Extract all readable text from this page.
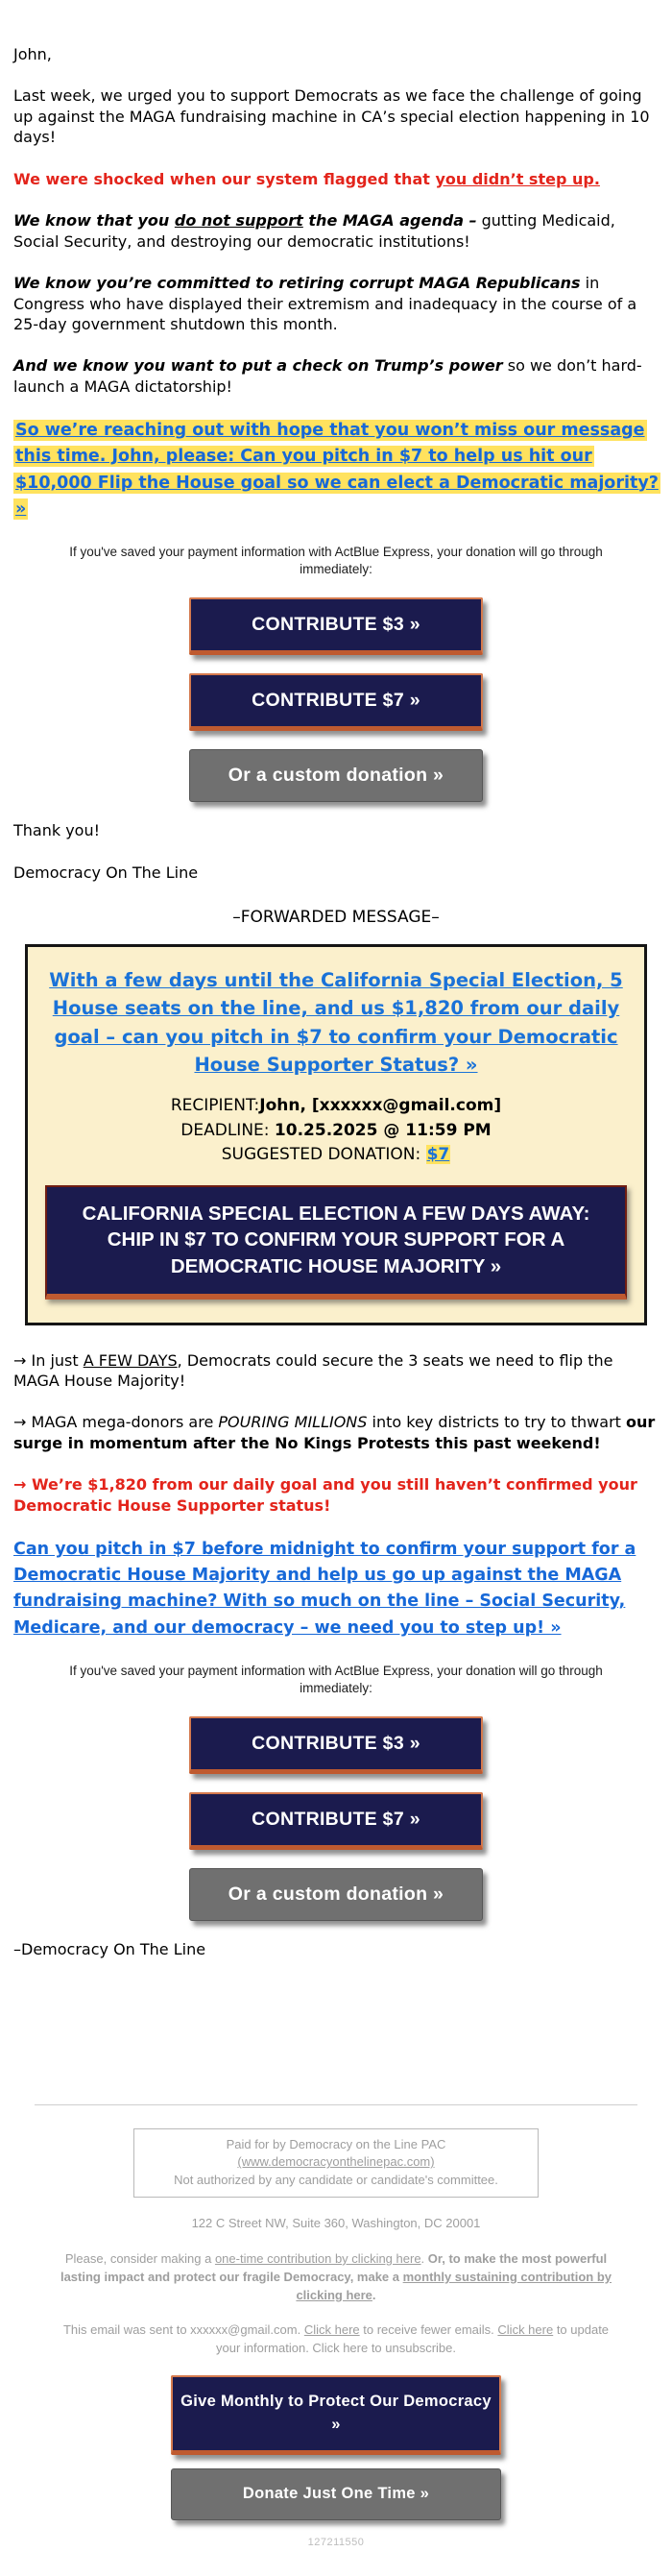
John,

Last week, we urged you to support Democrats as we face the challenge of going up against the MAGA fundraising machine in CA’s special election happening in 10 days!

We were shocked when our system flagged that you didn’t step up.

We know that you do not support the MAGA agenda – gutting Medicaid, Social Security, and destroying our democratic institutions!

We know you’re committed to retiring corrupt MAGA Republicans in Congress who have displayed their extremism and inadequacy in the course of a 25-day government shutdown this month.

And we know you want to put a check on Trump’s power so we don’t hard-launch a MAGA dictatorship!

So we’re reaching out with hope that you won’t miss our message this time. John, please: Can you pitch in $7 to help us hit our $10,000 Flip the House goal so we can elect a Democratic majority? »

If you've saved your payment information with ActBlue Express, your donation will go through immediately:

CONTRIBUTE $3 »
CONTRIBUTE $7 »
Or a custom donation »

Thank you!

Democracy On The Line

–FORWARDED MESSAGE–

With a few days until the California Special Election, 5 House seats on the line, and us $1,820 from our daily goal – can you pitch in $7 to confirm your Democratic House Supporter Status? »

RECIPIENT:John, [xxxxxx@gmail.com]

DEADLINE: 10.25.2025 @ 11:59 PM

SUGGESTED DONATION: $7

CALIFORNIA SPECIAL ELECTION A FEW DAYS AWAY: CHIP IN $7 TO CONFIRM YOUR SUPPORT FOR A DEMOCRATIC HOUSE MAJORITY »

→ In just A FEW DAYS, Democrats could secure the 3 seats we need to flip the MAGA House Majority!

→ MAGA mega-donors are POURING MILLIONS into key districts to try to thwart our surge in momentum after the No Kings Protests this past weekend!

→ We’re $1,820 from our daily goal and you still haven’t confirmed your Democratic House Supporter status!

Can you pitch in $7 before midnight to confirm your support for a Democratic House Majority and help us go up against the MAGA fundraising machine? With so much on the line – Social Security, Medicare, and our democracy – we need you to step up! »

If you've saved your payment information with ActBlue Express, your donation will go through immediately:

CONTRIBUTE $3 »
CONTRIBUTE $7 »
Or a custom donation »

–Democracy On The Line

Paid for by Democracy on the Line PAC
(www.democracyonthelinepac.com)
Not authorized by any candidate or candidate's committee.

122 C Street NW, Suite 360, Washington, DC 20001

Please, consider making a one-time contribution by clicking here. Or, to make the most powerful lasting impact and protect our fragile Democracy, make a monthly sustaining contribution by clicking here.

This email was sent to xxxxxx@gmail.com. Click here to receive fewer emails. Click here to update your information. Click here to unsubscribe.

Give Monthly to Protect Our Democracy »
Donate Just One Time »

127211550
